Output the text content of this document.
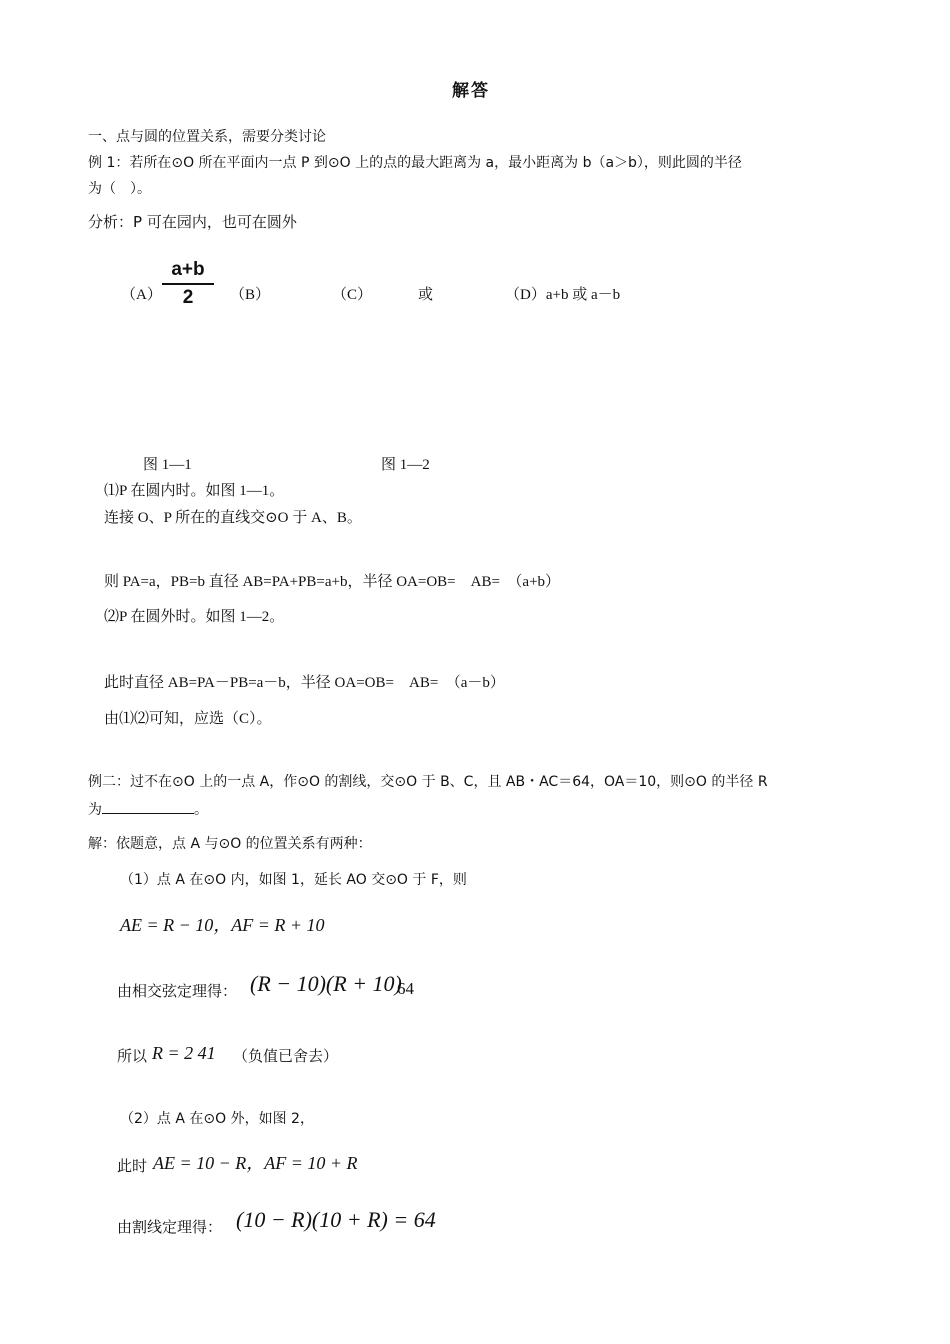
解答
一、点与圆的位置关系，需要分类讨论
例 1：若所在⊙O 所在平面内一点 P 到⊙O 上的点的最大距离为 a，最小距离为 b（a＞b），则此圆的半径
为（　）。
分析：P 可在园内，也可在圆外
（A）
a+b
2	（B）	（C）	或	（D）a+b 或 a－b
图 1—1	图 1—2
⑴P 在圆内时。如图 1—1。
连接 O、P 所在的直线交⊙O 于 A、B。
则 PA=a，PB=b 直径 AB=PA+PB=a+b，半径 OA=OB=　AB=　（a+b）
⑵P 在圆外时。如图 1—2。
此时直径 AB=PA－PB=a－b，半径 OA=OB=　AB=　（a－b）
由⑴⑵可知，应选（C）。
例二：过不在⊙O 上的一点 A，作⊙O 的割线，交⊙O 于 B、C，且 AB・AC＝64，OA＝10，则⊙O 的半径 R
为	。
解：依题意，点 A 与⊙O 的位置关系有两种：
（1）点 A 在⊙O 内，如图 1，延长 AO 交⊙O 于 F，则
AE = R − 10，AF = R + 10
由相交弦定理得： (R − 10)(R + 10)
64
所以 R = 2 41 （负值已舍去）
（2）点 A 在⊙O 外，如图 2，
此时 AE = 10 − R，AF = 10 + R
由割线定理得： (10 − R)(10 + R) = 64
